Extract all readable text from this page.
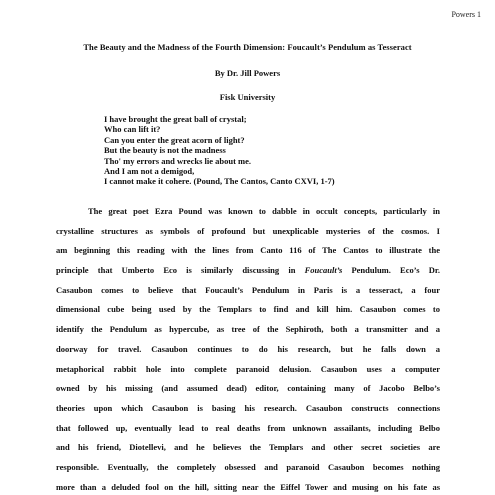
Powers 1
The Beauty and the Madness of the Fourth Dimension: Foucault’s Pendulum as Tesseract
By Dr. Jill Powers
Fisk University
I have brought the great ball of crystal;
Who can lift it?
Can you enter the great acorn of light?
But the beauty is not the madness
Tho' my errors and wrecks lie about me.
And I am not a demigod,
I cannot make it cohere. (Pound, The Cantos, Canto CXVI, 1-7)
The great poet Ezra Pound was known to dabble in occult concepts, particularly in
crystalline structures as symbols of profound but unexplicable mysteries of the cosmos. I
am beginning this reading with the lines from Canto 116 of The Cantos to illustrate the
principle that Umberto Eco is similarly discussing in Foucault’s Pendulum. Eco’s Dr.
Casaubon comes to believe that Foucault’s Pendulum in Paris is a tesseract, a four
dimensional cube being used by the Templars to find and kill him. Casaubon comes to
identify the Pendulum as hypercube, as tree of the Sephiroth, both a transmitter and a
doorway for travel. Casaubon continues to do his research, but he falls down a
metaphorical rabbit hole into complete paranoid delusion. Casaubon uses a computer
owned by his missing (and assumed dead) editor, containing many of Jacobo Belbo’s
theories upon which Casaubon is basing his research. Casaubon constructs connections
that followed up, eventually lead to real deaths from unknown assailants, including Belbo
and his friend, Diotellevi, and he believes the Templars and other secret societies are
responsible. Eventually, the completely obsessed and paranoid Casaubon becomes nothing
more than a deluded fool on the hill, sitting near the Eiffel Tower and musing on his fate as
